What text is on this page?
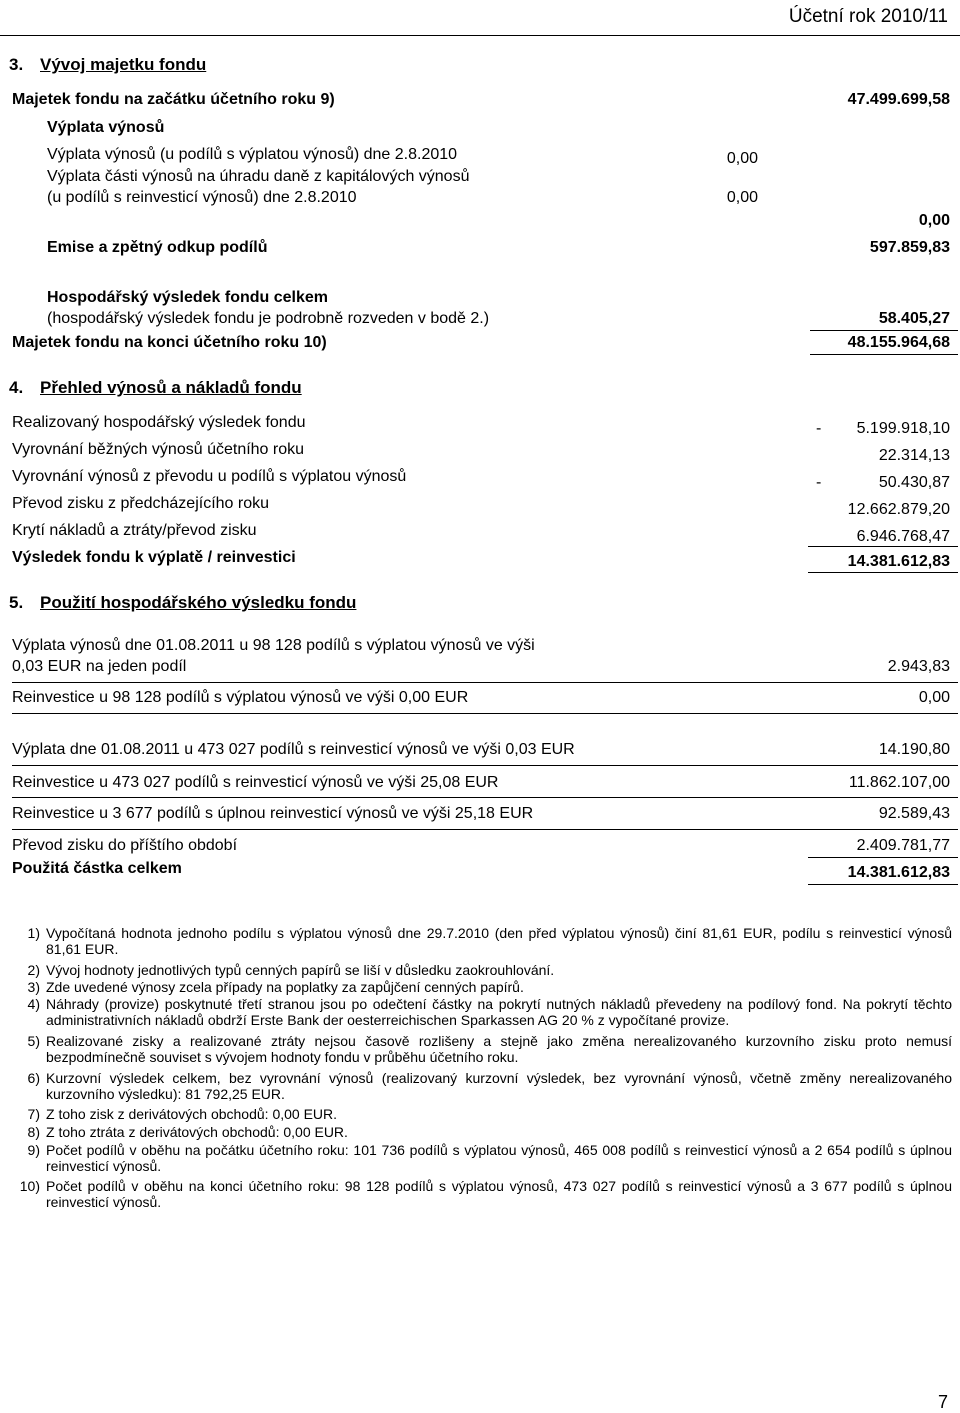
Účetní rok 2010/11
3. Vývoj majetku fondu
Majetek fondu na začátku účetního roku 9)	47.499.699,58
Výplata výnosů
Výplata výnosů (u podílů s výplatou výnosů) dne 2.8.2010	0,00
Výplata části výnosů na úhradu daně z kapitálových výnosů
(u podílů s reinvesticí výnosů) dne 2.8.2010	0,00
0,00
Emise a zpětný odkup podílů	597.859,83
Hospodářský výsledek fondu celkem
(hospodářský výsledek fondu je podrobně rozveden v bodě 2.)	58.405,27
Majetek fondu na konci účetního roku 10)	48.155.964,68
4. Přehled výnosů a nákladů fondu
Realizovaný hospodářský výsledek fondu	- 5.199.918,10
Vyrovnání běžných výnosů účetního roku	22.314,13
Vyrovnání výnosů z převodu u podílů s výplatou výnosů	-	50.430,87
Převod zisku z předcházejícího roku	12.662.879,20
Krytí nákladů a ztráty/převod zisku	6.946.768,47
Výsledek fondu k výplatě / reinvestici	14.381.612,83
5. Použití hospodářského výsledku fondu
Výplata výnosů dne 01.08.2011 u 98 128 podílů s výplatou výnosů ve výši
0,03 EUR na jeden podíl	2.943,83
Reinvestice u 98 128 podílů s výplatou výnosů ve výši 0,00 EUR	0,00
Výplata dne 01.08.2011 u 473 027 podílů s reinvesticí výnosů ve výši 0,03 EUR	14.190,80
Reinvestice u 473 027 podílů s reinvesticí výnosů ve výši 25,08 EUR	11.862.107,00
Reinvestice u 3 677 podílů s úplnou reinvesticí výnosů ve výši 25,18 EUR	92.589,43
Převod zisku do příštího období	2.409.781,77
Použitá částka celkem	14.381.612,83
1) Vypočítaná hodnota jednoho podílu s výplatou výnosů dne 29.7.2010 (den před výplatou výnosů) činí 81,61 EUR, podílu s reinvesticí výnosů 81,61 EUR.
2) Vývoj hodnoty jednotlivých typů cenných papírů se liší v důsledku zaokrouhlování.
3) Zde uvedené výnosy zcela případy na poplatky za zapůjčení cenných papírů.
4) Náhrady (provize) poskytnuté třetí stranou jsou po odečtení částky na pokrytí nutných nákladů převedeny na podílový fond. Na pokrytí těchto administrativních nákladů obdrží Erste Bank der oesterreichischen Sparkassen AG 20 % z vypočítané provize.
5) Realizované zisky a realizované ztráty nejsou časově rozlišeny a stejně jako změna nerealizovaného kurzovního zisku proto nemusí bezpodmínečně souviset s vývojem hodnoty fondu v průběhu účetního roku.
6) Kurzovní výsledek celkem, bez vyrovnání výnosů (realizovaný kurzovní výsledek, bez vyrovnání výnosů, včetně změny nerealizovaného kurzovního výsledku): 81 792,25 EUR.
7) Z toho zisk z derivátových obchodů: 0,00 EUR.
8) Z toho ztráta z derivátových obchodů: 0,00 EUR.
9) Počet podílů v oběhu na počátku účetního roku: 101 736 podílů s výplatou výnosů, 465 008 podílů s reinvesticí výnosů a 2 654 podílů s úplnou reinvesticí výnosů.
10) Počet podílů v oběhu na konci účetního roku: 98 128 podílů s výplatou výnosů, 473 027 podílů s reinvesticí výnosů a 3 677 podílů s úplnou reinvesticí výnosů.
7
